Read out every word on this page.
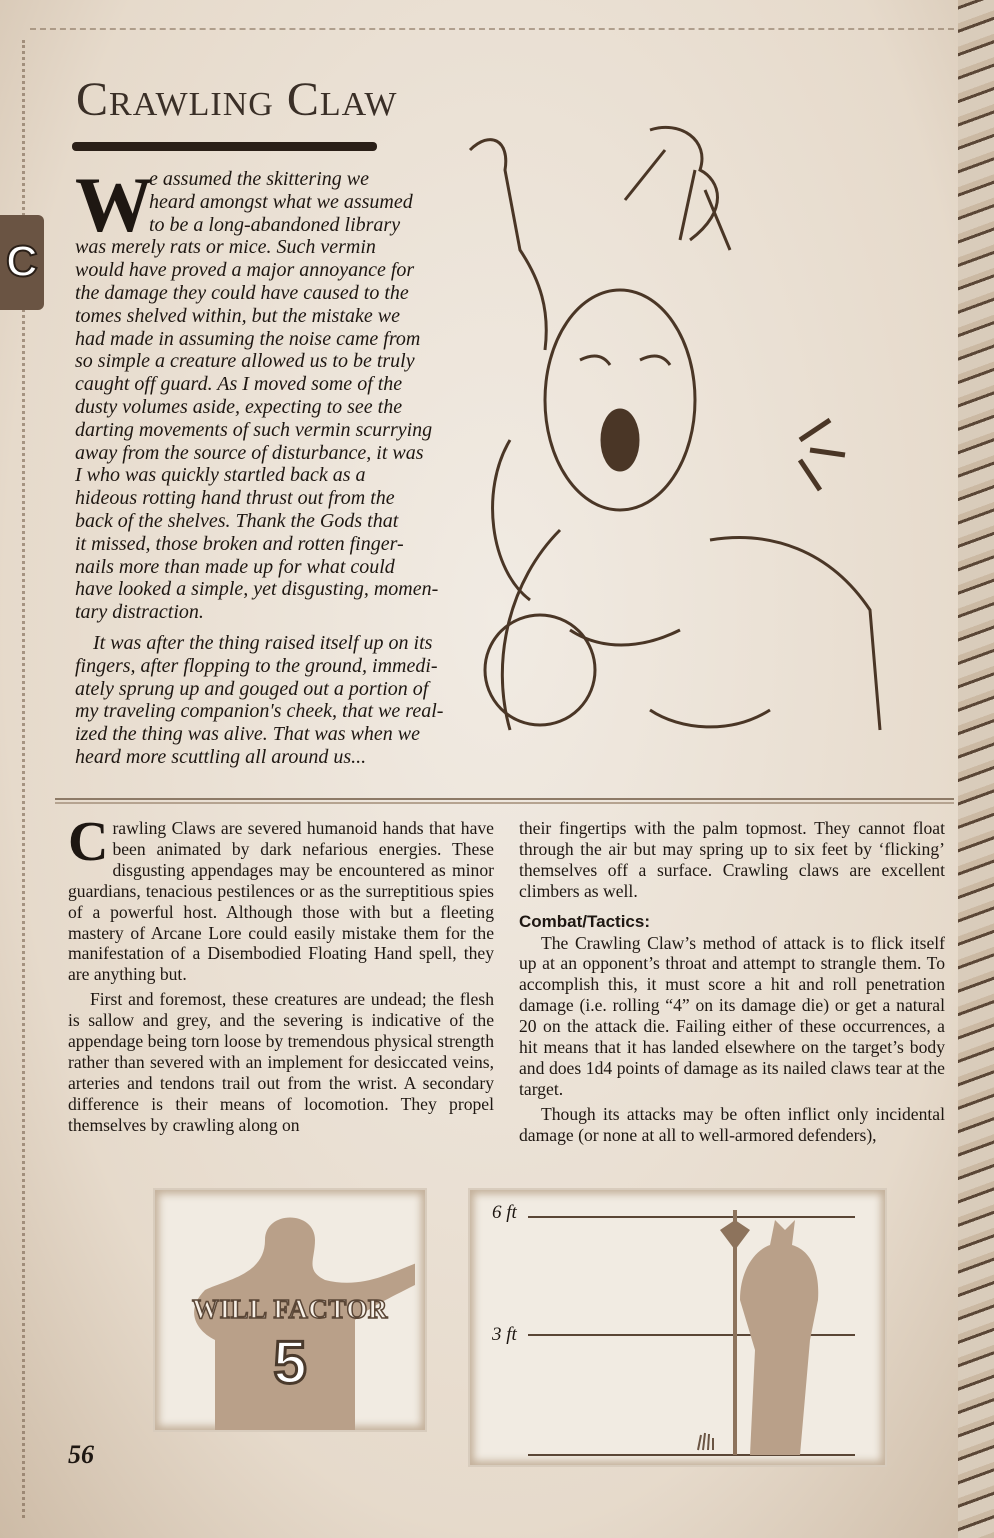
Crawling Claw
C
W
e assumed the skittering we
heard amongst what we assumed
to be a long-abandoned library
was merely rats or mice. Such vermin
would have proved a major annoyance for
the damage they could have caused to the
tomes shelved within, but the mistake we
had made in assuming the noise came from
so simple a creature allowed us to be truly
caught off guard. As I moved some of the
dusty volumes aside, expecting to see the
darting movements of such vermin scurrying
away from the source of disturbance, it was
I who was quickly startled back as a
hideous rotting hand thrust out from the
back of the shelves. Thank the Gods that
it missed, those broken and rotten finger-
nails more than made up for what could
have looked a simple, yet disgusting, momen-
tary distraction.
It was after the thing raised itself up on its
fingers, after flopping to the ground, immedi-
ately sprung up and gouged out a portion of
my traveling companion's cheek, that we real-
ized the thing was alive. That was when we
heard more scuttling all around us...

Crawling Claws are severed humanoid hands that have been animated by dark nefarious energies. These disgusting appendages may be encountered as minor guardians, tenacious pestilences or as the surreptitious spies of a powerful host. Although those with but a fleeting mastery of Arcane Lore could easily mistake them for the manifestation of a Disembodied Floating Hand spell, they are anything but.

First and foremost, these creatures are undead; the flesh is sallow and grey, and the severing is indicative of the appendage being torn loose by tremendous physical strength rather than severed with an implement for desiccated veins, arteries and tendons trail out from the wrist. A secondary difference is their means of locomotion. They propel themselves by crawling along on

their fingertips with the palm topmost. They cannot float through the air but may spring up to six feet by ‘flicking’ themselves off a surface. Crawling claws are excellent climbers as well.

Combat/Tactics:

The Crawling Claw’s method of attack is to flick itself up at an opponent’s throat and attempt to strangle them. To accomplish this, it must score a hit and roll penetration damage (i.e. rolling “4” on its damage die) or get a natural 20 on the attack die. Failing either of these occurrences, a hit means that it has landed elsewhere on the target’s body and does 1d4 points of damage as its nailed claws tear at the target.

Though its attacks may be often inflict only incidental damage (or none at all to well-armored defenders),

WILL FACTOR
5
6 ft
3 ft
56
